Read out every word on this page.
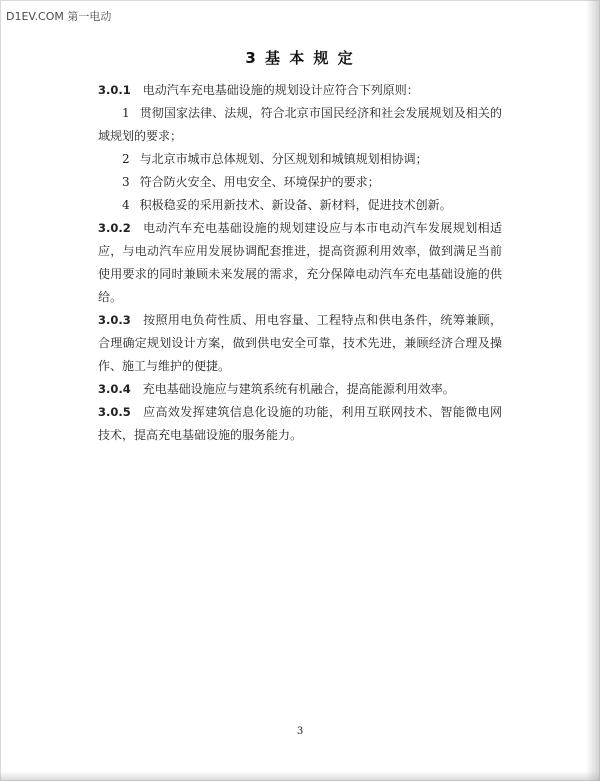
D1EV.COM 第一电动
3 基 本 规 定

3.0.1 电动汽车充电基础设施的规划设计应符合下列原则：

1 贯彻国家法律、法规，符合北京市国民经济和社会发展规划及相关的域规划的要求；

2 与北京市城市总体规划、分区规划和城镇规划相协调；

3 符合防火安全、用电安全、环境保护的要求；

4 积极稳妥的采用新技术、新设备、新材料，促进技术创新。

3.0.2 电动汽车充电基础设施的规划建设应与本市电动汽车发展规划相适应，与电动汽车应用发展协调配套推进，提高资源利用效率，做到满足当前使用要求的同时兼顾未来发展的需求，充分保障电动汽车充电基础设施的供给。

3.0.3 按照用电负荷性质、用电容量、工程特点和供电条件，统筹兼顾，合理确定规划设计方案，做到供电安全可靠，技术先进，兼顾经济合理及操作、施工与维护的便捷。

3.0.4 充电基础设施应与建筑系统有机融合，提高能源利用效率。

3.0.5 应高效发挥建筑信息化设施的功能，利用互联网技术、智能微电网技术，提高充电基础设施的服务能力。

3
